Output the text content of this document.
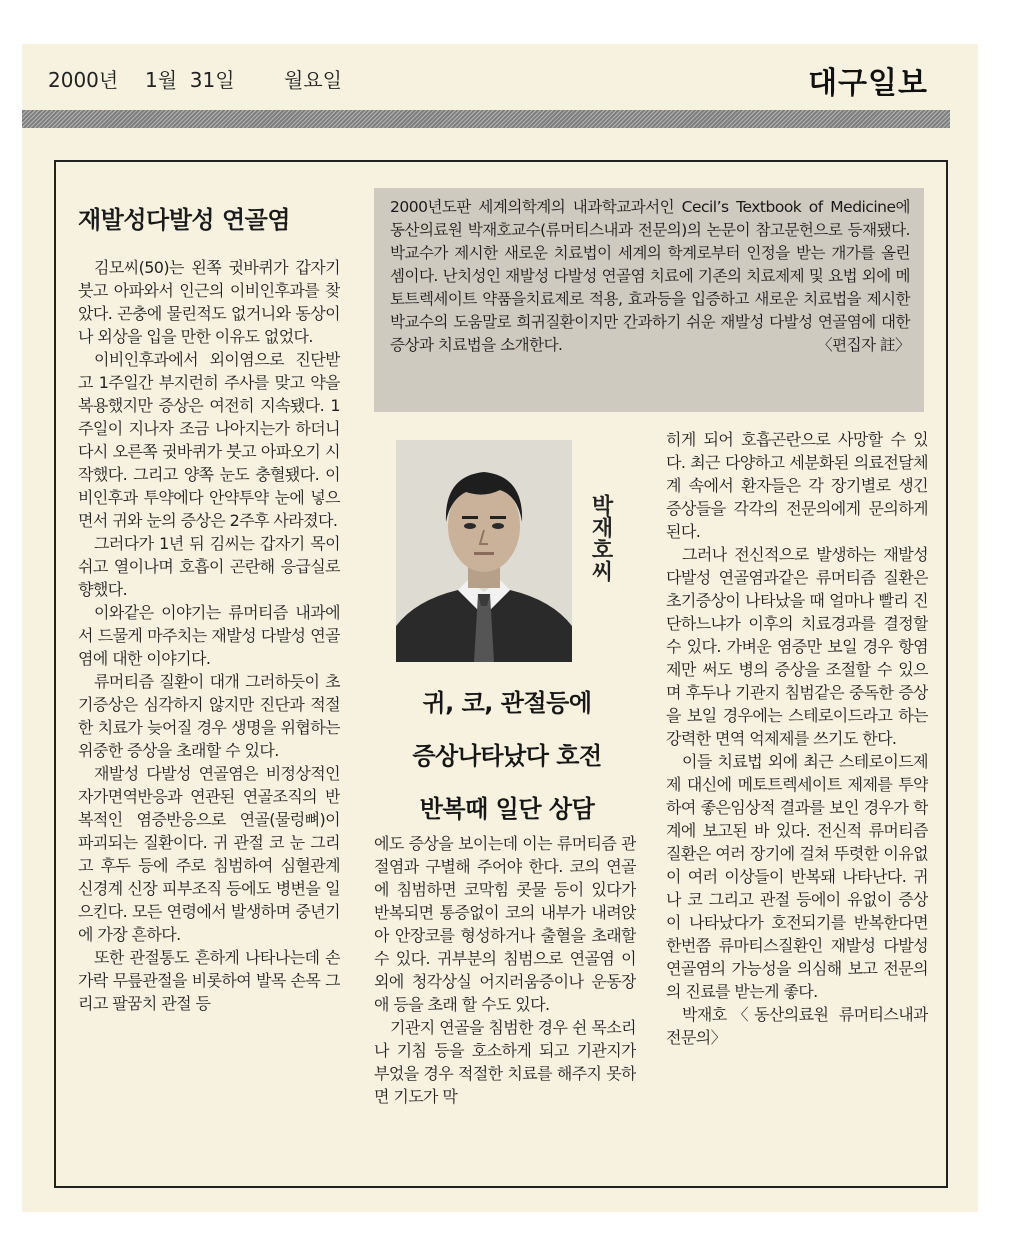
2000년 1월  31일 월요일	대구일보
재발성다발성 연골염	2000년도판 세계의학계의 내과학교과서인 Cecil’s Textbook of Medicine에 동산의료원 박재호교수(류머티스내과 전문의)의 논문이 참고문헌으로 등재됐다. 박교수가 제시한 새로운 치료법이 세계의 학계로부터 인정을 받는 개가를 올린 셈이다. 난치성인 재발성 다발성 연골염 치료에 기존의 치료제제 및 요법 외에 메토트렉세이트 약품을치료제로 적용, 효과등을 입증하고 새로운 치료법을 제시한 박교수의 도움말로 희귀질환이지만 간과하기 쉬운 재발성 다발성 연골염에 대한 증상과 치료법을 소개한다.	〈편집자 註〉
박재호씨
귀, 코, 관절등에
증상나타났다 호전
반복때 일단 상담

김모씨(50)는 왼쪽 귓바퀴가 갑자기 붓고 아파와서 인근의 이비인후과를 찾았다. 곤충에 물린적도 없거니와 동상이나 외상을 입을 만한 이유도 없었다.

이비인후과에서 외이염으로 진단받고 1주일간 부지런히 주사를 맞고 약을 복용했지만 증상은 여전히 지속됐다. 1주일이 지나자 조금 나아지는가 하더니 다시 오른쪽 귓바퀴가 붓고 아파오기 시작했다. 그리고 양쪽 눈도 충혈됐다. 이비인후과 투약에다 안약투약 눈에 넣으면서 귀와 눈의 증상은 2주후 사라졌다.

그러다가 1년 뒤 김씨는 갑자기 목이 쉬고 열이나며 호흡이 곤란해 응급실로 향했다.

이와같은 이야기는 류머티즘 내과에서 드물게 마주치는 재발성 다발성 연골염에 대한 이야기다.

류머티즘 질환이 대개 그러하듯이 초기증상은 심각하지 않지만 진단과 적절한 치료가 늦어질 경우 생명을 위협하는 위중한 증상을 초래할 수 있다.

재발성 다발성 연골염은 비정상적인 자가면역반응과 연관된 연골조직의 반복적인 염증반응으로 연골(물렁뼈)이 파괴되는 질환이다. 귀 관절 코 눈 그리고 후두 등에 주로 침범하여 심혈관계 신경계 신장 피부조직 등에도 병변을 일으킨다. 모든 연령에서 발생하며 중년기에 가장 흔하다.

또한 관절통도 흔하게 나타나는데 손가락 무릎관절을 비롯하여 발목 손목 그리고 팔꿈치 관절 등

에도 증상을 보이는데 이는 류머티즘 관절염과 구별해 주어야 한다. 코의 연골에 침범하면 코막힘 콧물 등이 있다가 반복되면 통증없이 코의 내부가 내려앉아 안장코를 형성하거나 출혈을 초래할 수 있다. 귀부분의 침범으로 연골염 이외에 청각상실 어지러움증이나 운동장애 등을 초래 할 수도 있다.

기관지 연골을 침범한 경우 쉰 목소리나 기침 등을 호소하게 되고 기관지가 부었을 경우 적절한 치료를 해주지 못하면 기도가 막

히게 되어 호흡곤란으로 사망할 수 있다. 최근 다양하고 세분화된 의료전달체계 속에서 환자들은 각 장기별로 생긴 증상들을 각각의 전문의에게 문의하게 된다.

그러나 전신적으로 발생하는 재발성 다발성 연골염과같은 류머티즘 질환은 초기증상이 나타났을 때 얼마나 빨리 진단하느냐가 이후의 치료경과를 결정할 수 있다. 가벼운 염증만 보일 경우 항염제만 써도 병의 증상을 조절할 수 있으며 후두나 기관지 침범같은 중독한 증상을 보일 경우에는 스테로이드라고 하는 강력한 면역 억제제를 쓰기도 한다.

이들 치료법 외에 최근 스테로이드제제 대신에 메토트렉세이트 제제를 투약하여 좋은임상적 결과를 보인 경우가 학계에 보고된 바 있다. 전신적 류머티즘질환은 여러 장기에 걸쳐 뚜렷한 이유없이 여러 이상들이 반복돼 나타난다. 귀나 코 그리고 관절 등에이 유없이 증상이 나타났다가 호전되기를 반복한다면 한번쯤 류마티스질환인 재발성 다발성 연골염의 가능성을 의심해 보고 전문의의 진료를 받는게 좋다.

박재호〈동산의료원 류머티스내과 전문의〉
